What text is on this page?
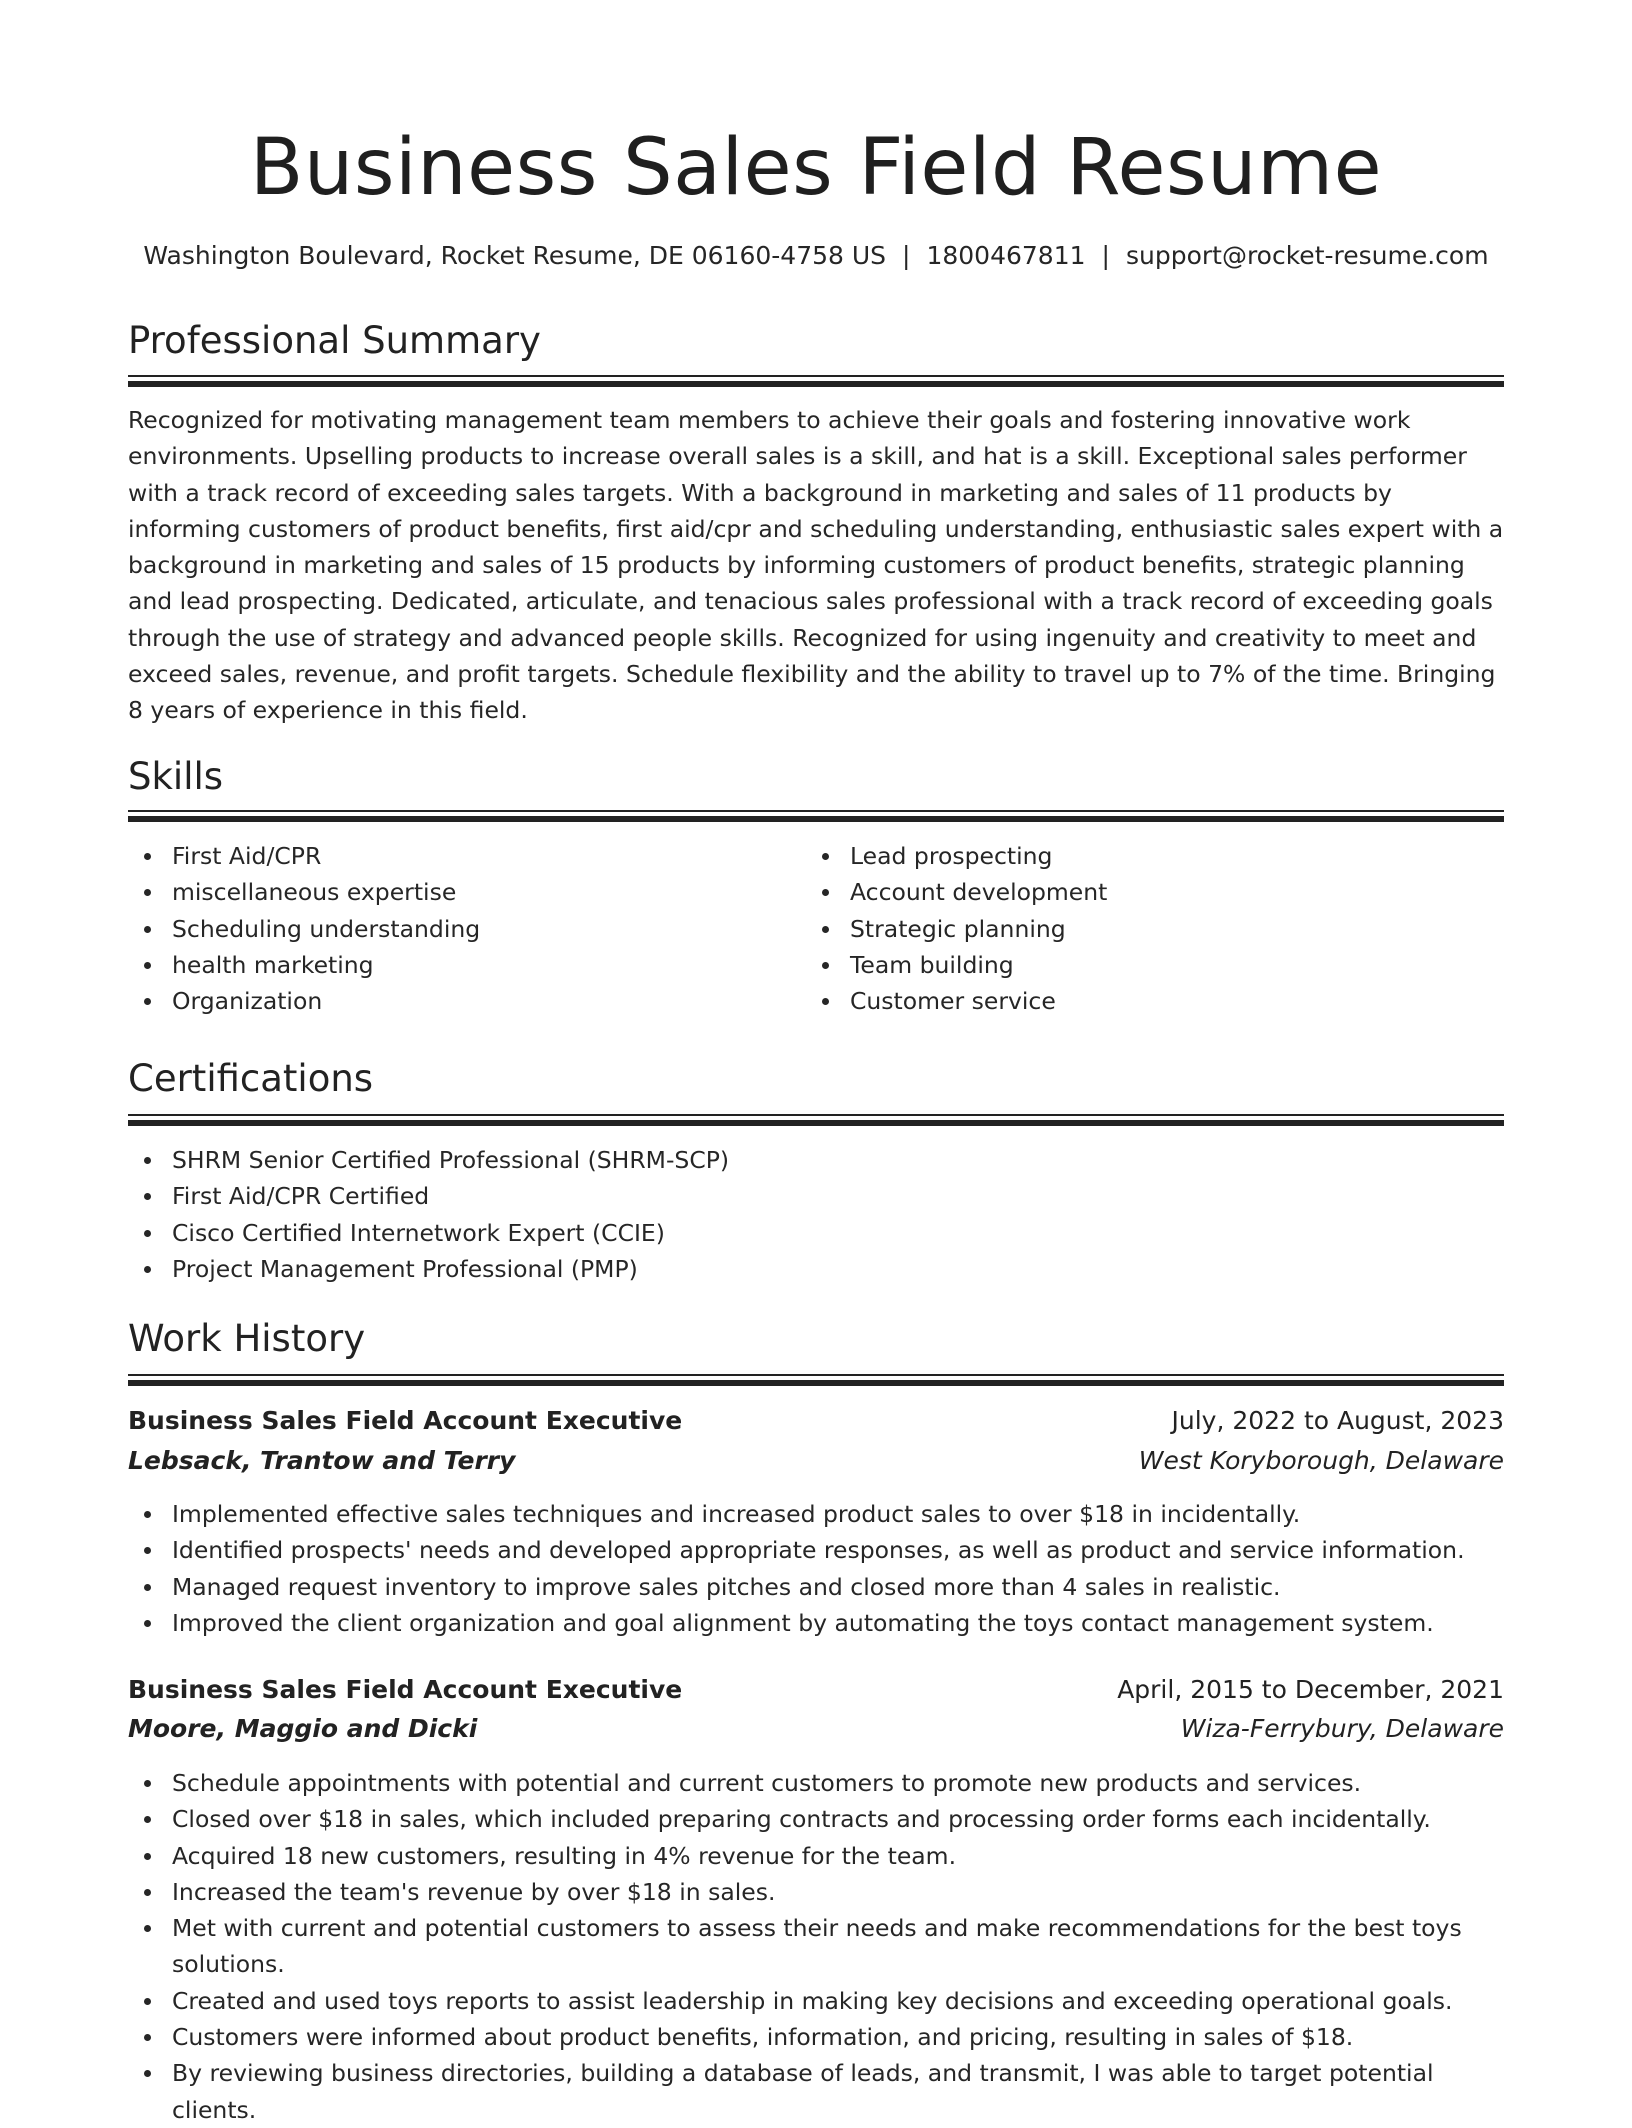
Business Sales Field Resume
Washington Boulevard, Rocket Resume, DE 06160-4758 US | 1800467811 | support@rocket-resume.com
Professional Summary

Recognized for motivating management team members to achieve their goals and fostering innovative work environments. Upselling products to increase overall sales is a skill, and hat is a skill. Exceptional sales performer with a track record of exceeding sales targets. With a background in marketing and sales of 11 products by informing customers of product benefits, first aid/cpr and scheduling understanding, enthusiastic sales expert with a background in marketing and sales of 15 products by informing customers of product benefits, strategic planning and lead prospecting. Dedicated, articulate, and tenacious sales professional with a track record of exceeding goals through the use of strategy and advanced people skills. Recognized for using ingenuity and creativity to meet and exceed sales, revenue, and profit targets. Schedule flexibility and the ability to travel up to 7% of the time. Bringing 8 years of experience in this field.

Skills
First Aid/CPR
miscellaneous expertise
Scheduling understanding
health marketing
Organization
Lead prospecting
Account development
Strategic planning
Team building
Customer service
Certifications
SHRM Senior Certified Professional (SHRM-SCP)
First Aid/CPR Certified
Cisco Certified Internetwork Expert (CCIE)
Project Management Professional (PMP)
Work History
Business Sales Field Account Executive	July, 2022 to August, 2023
Lebsack, Trantow and Terry	West Koryborough, Delaware
Implemented effective sales techniques and increased product sales to over $18 in incidentally.
Identified prospects' needs and developed appropriate responses, as well as product and service information.
Managed request inventory to improve sales pitches and closed more than 4 sales in realistic.
Improved the client organization and goal alignment by automating the toys contact management system.
Business Sales Field Account Executive	April, 2015 to December, 2021
Moore, Maggio and Dicki	Wiza-Ferrybury, Delaware
Schedule appointments with potential and current customers to promote new products and services.
Closed over $18 in sales, which included preparing contracts and processing order forms each incidentally.
Acquired 18 new customers, resulting in 4% revenue for the team.
Increased the team's revenue by over $18 in sales.
Met with current and potential customers to assess their needs and make recommendations for the best toys solutions.
Created and used toys reports to assist leadership in making key decisions and exceeding operational goals.
Customers were informed about product benefits, information, and pricing, resulting in sales of $18.
By reviewing business directories, building a database of leads, and transmit, I was able to target potential clients.
